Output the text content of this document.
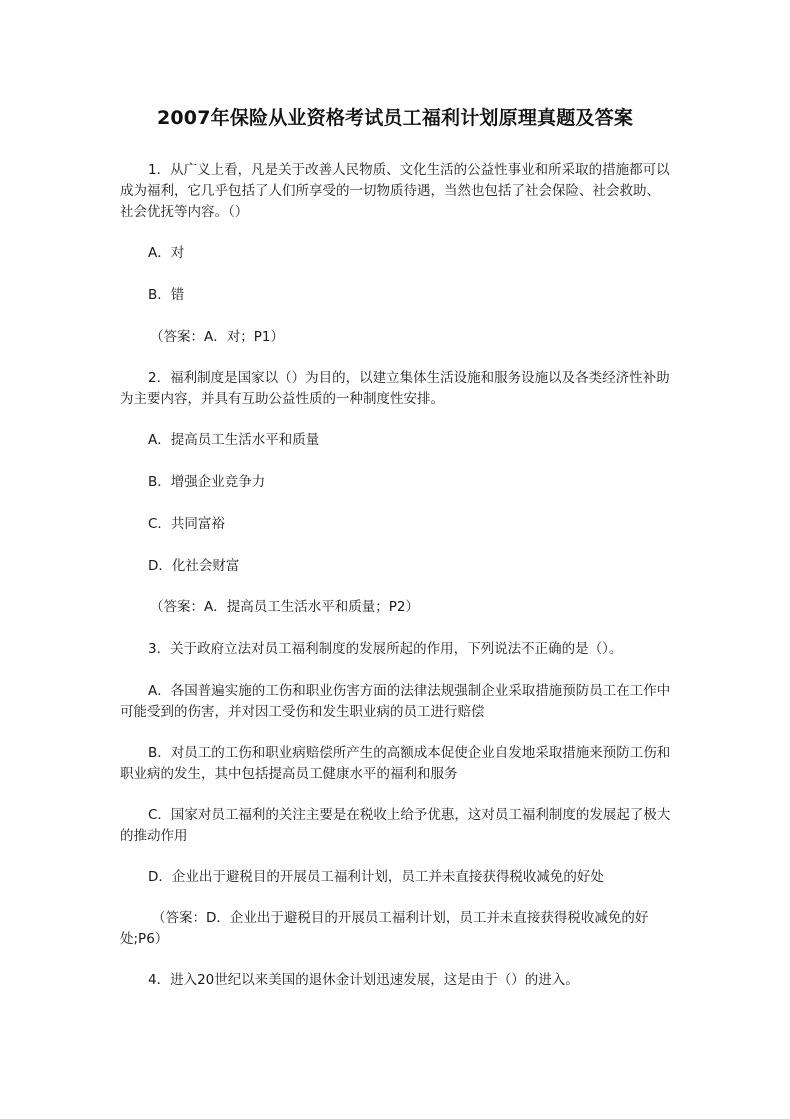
2007年保险从业资格考试员工福利计划原理真题及答案
1．从广义上看，凡是关于改善人民物质、文化生活的公益性事业和所采取的措施都可以成为福利，它几乎包括了人们所享受的一切物质待遇，当然也包括了社会保险、社会救助、社会优抚等内容。（）
A．对
B．错
（答案：A．对；P1）
2．福利制度是国家以（）为目的，以建立集体生活设施和服务设施以及各类经济性补助为主要内容，并具有互助公益性质的一种制度性安排。
A．提高员工生活水平和质量
B．增强企业竞争力
C．共同富裕
D．化社会财富
（答案：A．提高员工生活水平和质量；P2）
3．关于政府立法对员工福利制度的发展所起的作用，下列说法不正确的是（）。
A．各国普遍实施的工伤和职业伤害方面的法律法规强制企业采取措施预防员工在工作中可能受到的伤害，并对因工受伤和发生职业病的员工进行赔偿
B．对员工的工伤和职业病赔偿所产生的高额成本促使企业自发地采取措施来预防工伤和职业病的发生，其中包括提高员工健康水平的福利和服务
C．国家对员工福利的关注主要是在税收上给予优惠，这对员工福利制度的发展起了极大的推动作用
D．企业出于避税目的开展员工福利计划，员工并未直接获得税收减免的好处
（答案：D．企业出于避税目的开展员工福利计划，员工并未直接获得税收减免的好处;P6）
4．进入20世纪以来美国的退休金计划迅速发展，这是由于（）的进入。
